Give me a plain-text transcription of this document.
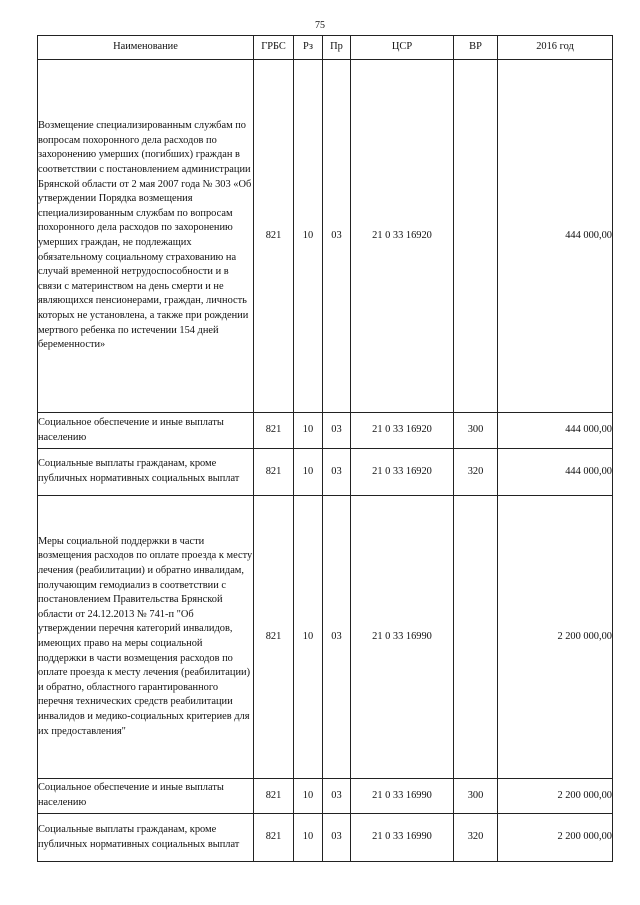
75
Наименование	ГРБС	Рз	Пр	ЦСР	ВР	2016 год
Возмещение специализированным службам по вопросам похоронного дела расходов по захоронению умерших (погибших) граждан в соответствии с постановлением администрации Брянской области от 2 мая 2007 года № 303 «Об утверждении Порядка возмещения специализированным службам по вопросам похоронного дела расходов по захоронению умерших граждан, не подлежащих обязательному социальному страхованию на случай временной нетрудоспособности и в связи с материнством на день смерти и не являющихся пенсионерами, граждан, личность которых не установлена, а также при рождении мертвого ребенка по истечении 154 дней беременности»	821	10	03	21 0 33 16920		444 000,00
Социальное обеспечение и иные выплаты населению	821	10	03	21 0 33 16920	300	444 000,00
Социальные выплаты гражданам, кроме публичных нормативных социальных выплат	821	10	03	21 0 33 16920	320	444 000,00
Меры социальной поддержки в части возмещения расходов по оплате проезда к месту лечения (реабилитации) и обратно инвалидам, получающим гемодиализ в соответствии с постановлением Правительства Брянской области от 24.12.2013 № 741-п "Об утверждении перечня категорий инвалидов, имеющих право на меры социальной поддержки в части возмещения расходов по оплате проезда к месту лечения (реабилитации) и обратно, областного гарантированного перечня технических средств реабилитации инвалидов и медико-социальных критериев для их предоставления"	821	10	03	21 0 33 16990		2 200 000,00
Социальное обеспечение и иные выплаты населению	821	10	03	21 0 33 16990	300	2 200 000,00
Социальные выплаты гражданам, кроме публичных нормативных социальных выплат	821	10	03	21 0 33 16990	320	2 200 000,00
